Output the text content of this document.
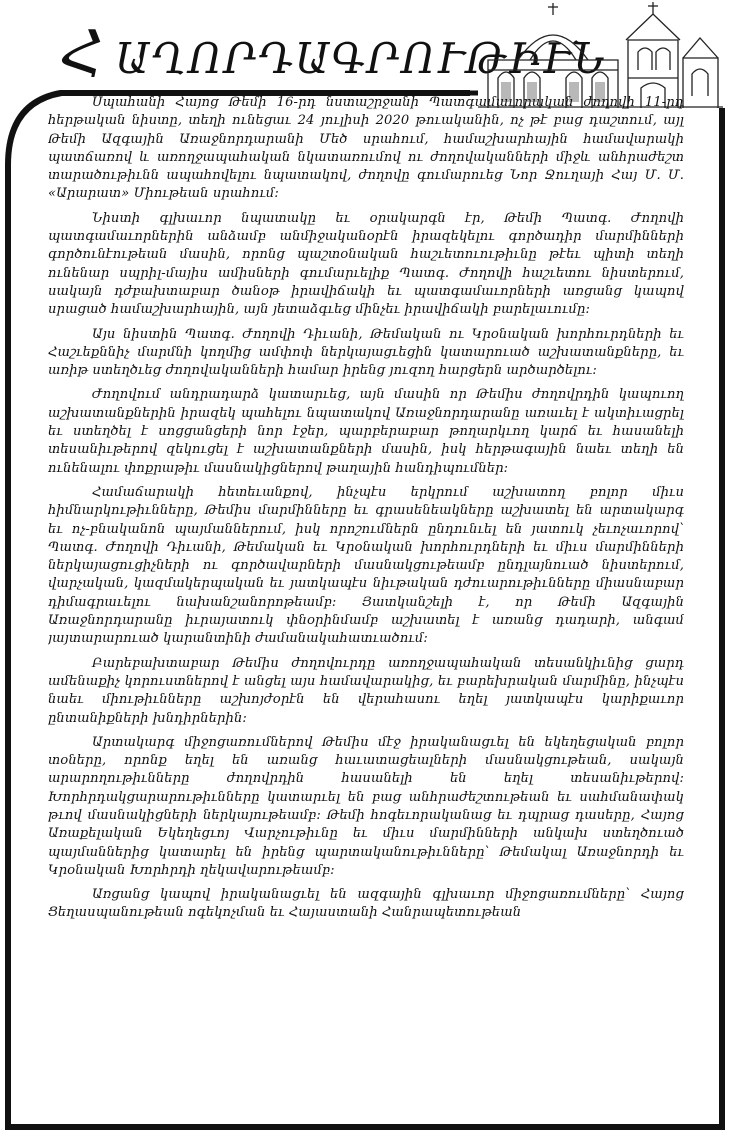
Հ ԱՂՈՐԴԱԳՐՈՒԹԻՒՆ

Սպահանի Հայոց Թեմի 16-րդ նստաշրջանի Պատգամաւորական ժողովի 11-րդ հերթական նիստը, տեղի ունեցաւ 24 յուլիսի 2020 թուականին, ոչ թէ բաց դաշտում, այլ Թեմի Ազգային Առաջնորդարանի Մեծ սրահում, համաշխարհային համավարակի պատճառով և առողջապահական նկատառումով ու ժողովականների միջև անհրաժեշտ տարածութիւնն ապահովելու նպատակով, ժողովը գումարուեց Նոր Ջուղայի Հայ Մ. Մ. «Արարատ» Միութեան սրահում:

Նիստի գլխաւոր նպատակը եւ օրակարգն էր, Թեմի Պատգ. Ժողովի պատգամաւորներին անձամբ անմիջականօրէն իրազեկելու գործադիր մարմինների գործունէութեան մասին, որոնց պաշտօնական հաշւետուութիւնը թէեւ պիտի տեղի ունենար սպրիլ-մայիս ամիսների գումարւելիք Պատգ. Ժողովի հաշւետու նիստերում, սակայն դժբախտաբար ծանօթ իրավիճակի եւ պատգամաւորների առցանց կապով սրացած համաշխարհային, այն յետաձգւեց մինչեւ իրավիճակի բարելաւումը:

Այս նիստին Պատգ. Ժողովի Դիւանի, Թեմական ու Կրօնական խորհուրդների եւ Հաշւեքննիչ մարմնի կողմից ամփոփ ներկայացւեցին կատարուած աշխատանքները, եւ առիթ ստեղծւեց ժողովականների համար իրենց յուզող հարցերն արծարծելու:

Ժողովում անդրադարձ կատարւեց, այն մասին որ Թեմիս ժողովրդին կապուող աշխատանքներին իրազեկ պահելու նպատակով Առաջնորդարանը առաւել է ակտիւացրել եւ ստեղծել է սոցցանցերի նոր էջեր, պարբերաբար թողարկւող կարճ եւ հասանելի տեսանիւթերով զեկուցել է աշխատանքների մասին, իսկ հերթագային նաեւ տեղի են ունենալու փոքրաթիւ մասնակիցներով թաղային հանդիպումներ:

Համաճարակի հետեւանքով, ինչպէս երկրում աշխատող բոլոր միւս հիմնարկութիւնները, Թեմիս մարմինները եւ գրասենեակները աշխատել են արտակարգ եւ ոչ-բնականոն պայմաններում, իսկ որոշումներն ընդունւել են յատուկ չեւոչաւորով՝ Պատգ. Ժողովի Դիւանի, Թեմական եւ Կրօնական խորհուրդների եւ միւս մարմինների ներկայացուցիչների ու գործավարների մասնակցութեամբ ընդլայնուած նիստերում, վարչական, կազմակերպական եւ յատկապէս նիւթական դժուարութիւնները միասնաբար դիմագրաւելու նախանշանորոթեամբ: Յատկանշելի է, որ Թեմի Ազգային Առաջնորդարանը իւրայատուկ փնօրինմամբ աշխատել է առանց դադարի, անգամ յայտարարուած կարանտինի ժամանակահատւածում:

Բարեբախտաբար Թեմիս ժողովուրդը առողջապահական տեսանկիւնից ցարդ ամենաքիչ կորուստներով է անցել այս համավարակից, եւ բարեխրական մարմինը, ինչպէս նաեւ միութիւնները աշխոյժօրէն են վերահասու եղել յատկապէս կարիքաւոր ընտանիքների խնդիրներին:

Արտակարգ միջոցառումներով Թեմիս մէջ իրականացւել են եկեղեցական բոլոր տօները, որոնք եղել են առանց հաւատացեալների մասնակցութեան, սակայն արարողութիւնները ժողովրդին հասանելի են եղել տեսանիւթերով: Խորհրդակցարարութիւնները կատարւել են բաց անհրաժեշտութեան եւ սահմանափակ թւով մասնակիցների ներկայութեամբ: Թեմի հոգեւորականաց եւ դպրաց դասերը, Հայոց Առաքելական Եկեղեցւոյ Վարչութիւնը եւ միւս մարմինների անկախ ստեղծուած պայմաններից կատարել են իրենց պարտականութիւնները՝ Թեմակալ Առաջնորդի եւ Կրօնական Խորհրդի ղեկավարութեամբ:

Առցանց կապով իրականացւել են ազգային գլխաւոր միջոցառումները՝ Հայոց Ցեղասպանութեան ոգեկոչման եւ Հայաստանի Հանրապետութեան
